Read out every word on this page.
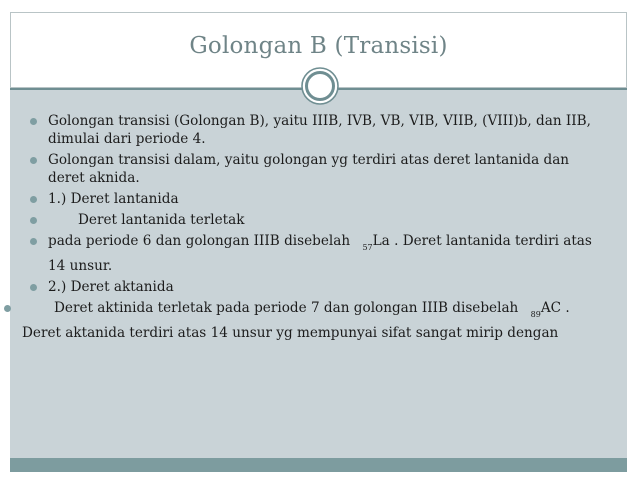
Golongan B (Transisi)
Golongan transisi (Golongan B), yaitu IIIB, IVB, VB, VIB, VIIB, (VIII)b, dan IIB, dimulai dari periode 4.
Golongan transisi dalam, yaitu golongan yg terdiri atas deret lantanida dan deret aknida.
1.) Deret lantanida
Deret lantanida terletak
pada periode 6 dan golongan IIIB disebelah $_{57}$La . Deret lantanida terdiri atas 14 unsur.
2.) Deret aktanida
Deret aktinida terletak pada periode 7 dan golongan IIIB disebelah $_{89}$AC . Deret aktanida terdiri atas 14 unsur yg mempunyai sifat sangat mirip dengan
